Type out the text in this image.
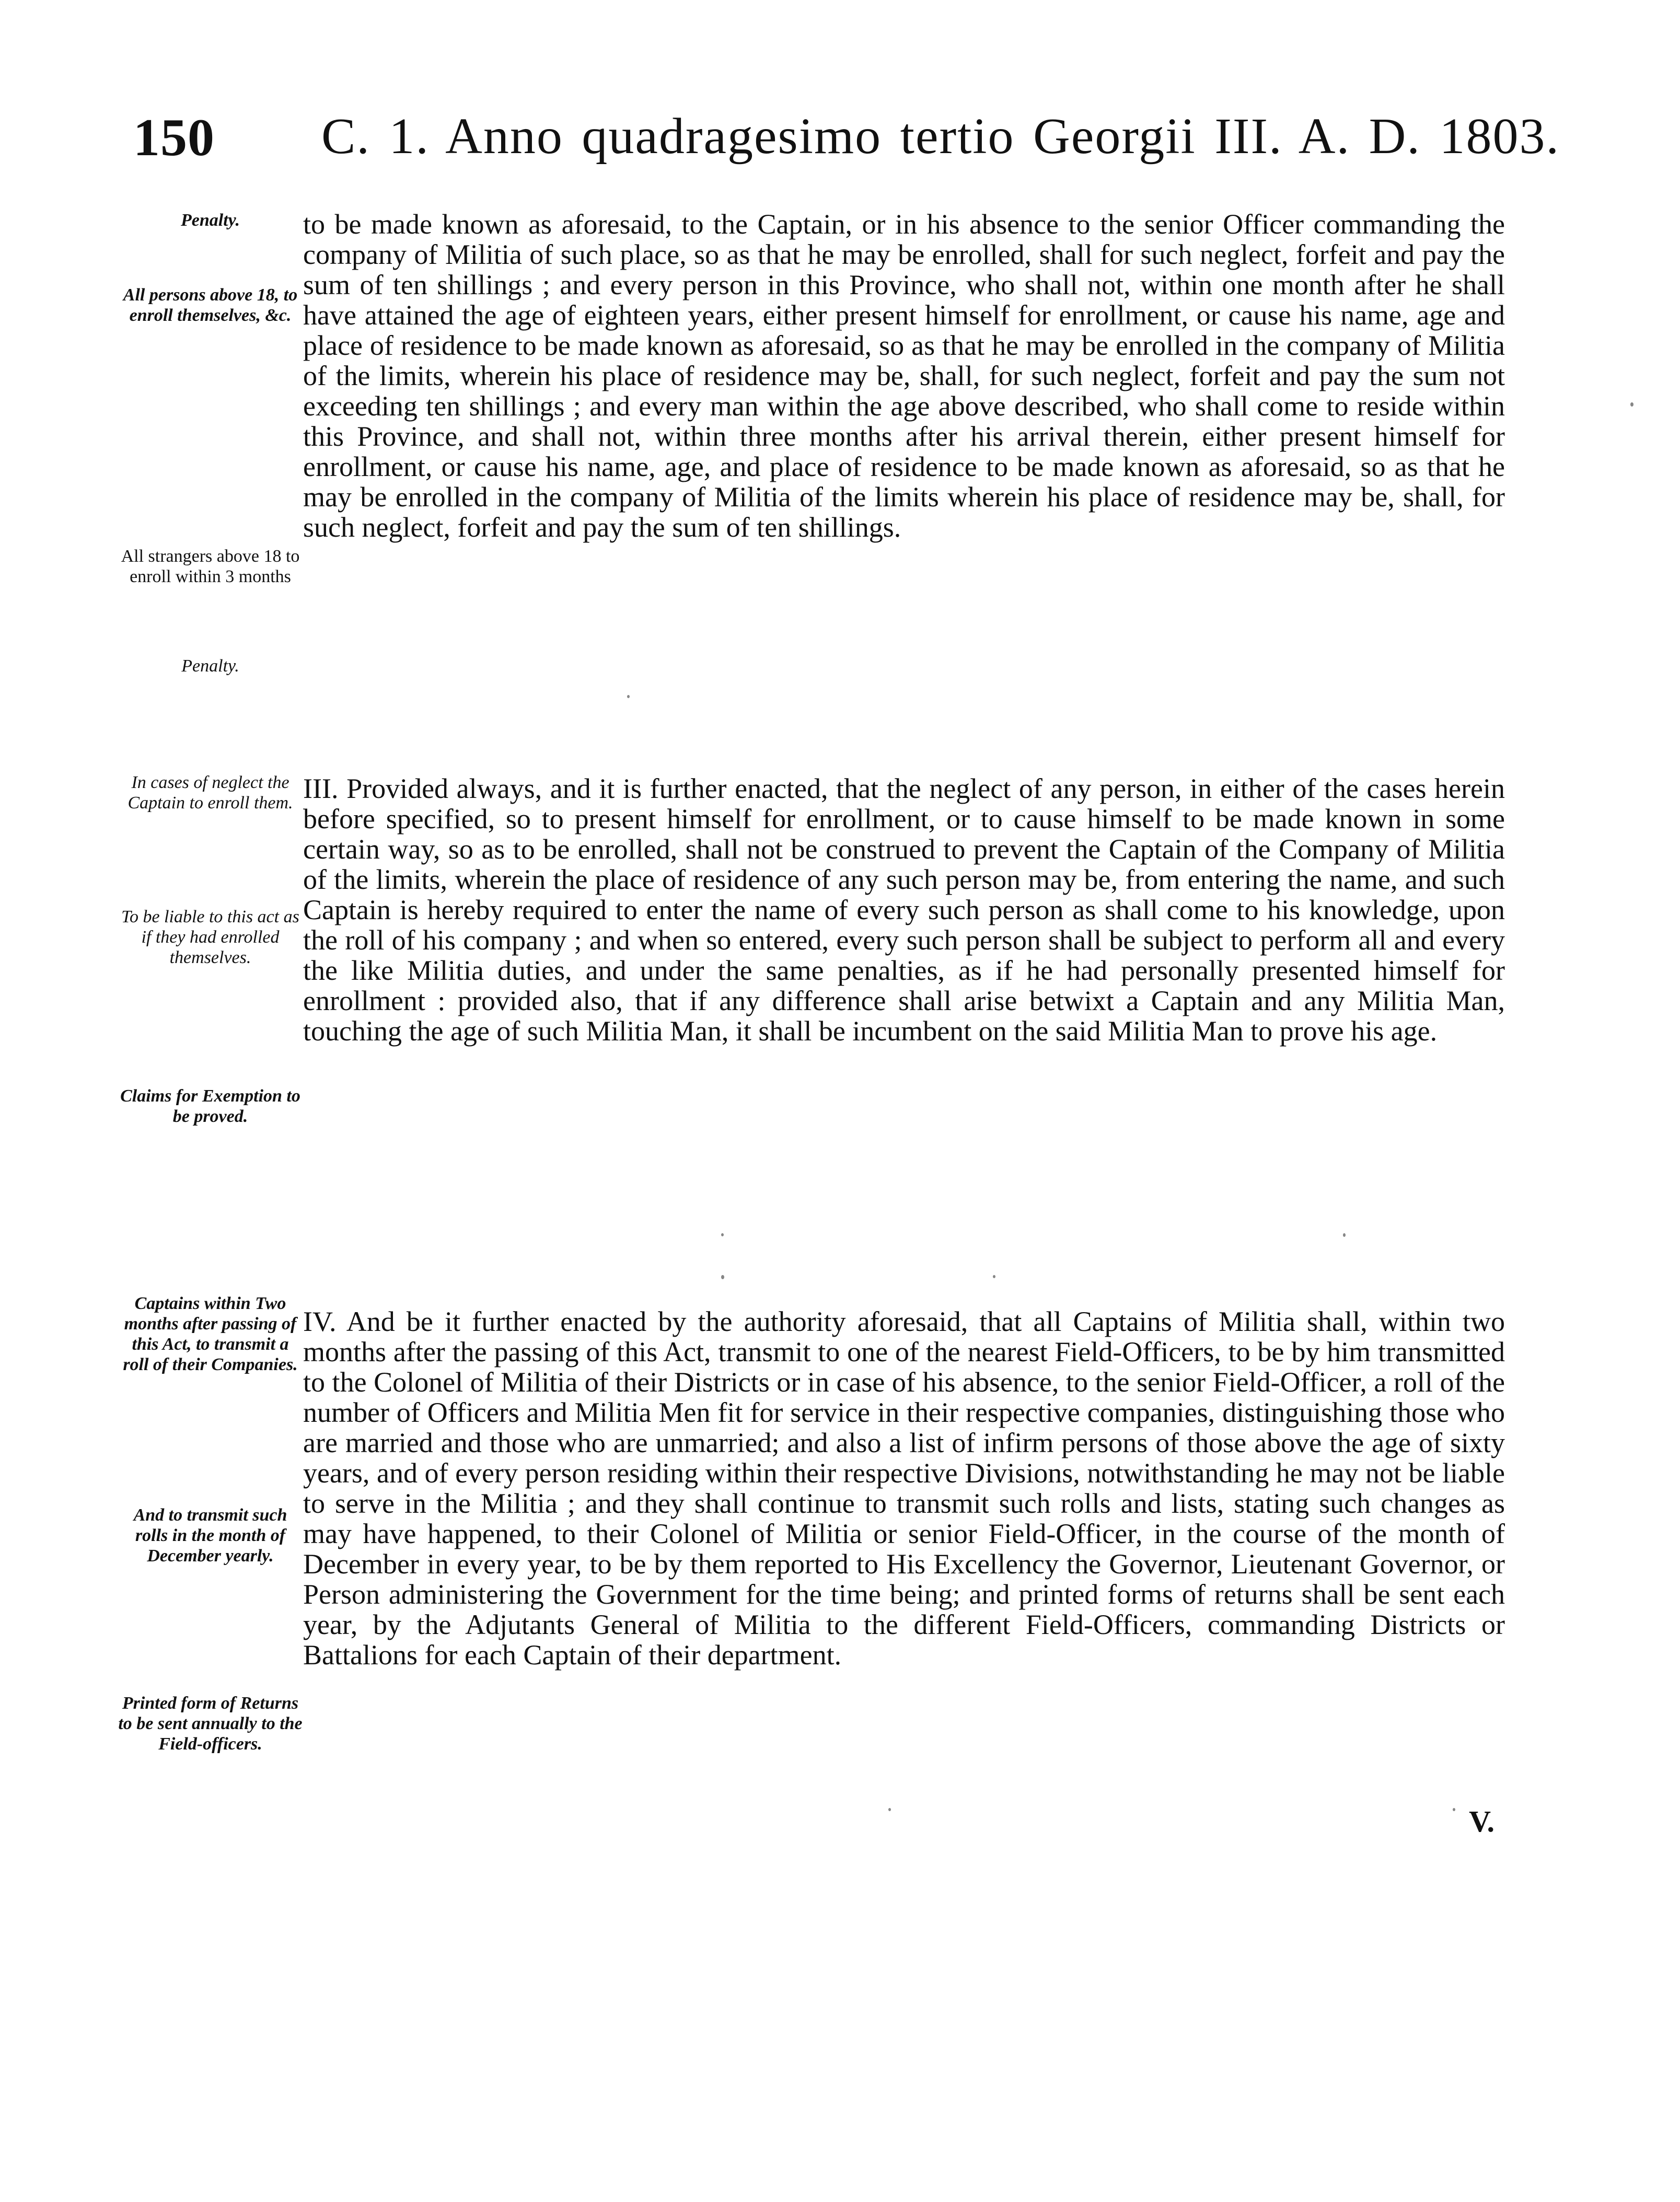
150 C. 1. Anno quadragesimo tertio Georgii III. A. D. 1803.
Penalty.
All persons above 18, to enroll themselves, &c.
All strangers above 18 to enroll within 3 months
Penalty.
In cases of neglect the Captain to enroll them.
To be liable to this act as if they had enrolled themselves.
Claims for Exemption to be proved.
Captains within Two months after passing of this Act, to transmit a roll of their Companies.
And to transmit such rolls in the month of December yearly.
Printed form of Returns to be sent annually to the Field-officers.

to be made known as aforesaid, to the Captain, or in his absence to the senior Officer commanding the company of Militia of such place, so as that he may be enrolled, shall for such neglect, forfeit and pay the sum of ten shillings ; and every person in this Province, who shall not, within one month after he shall have attained the age of eighteen years, either present himself for enrollment, or cause his name, age and place of residence to be made known as aforesaid, so as that he may be enrolled in the company of Militia of the limits, wherein his place of residence may be, shall, for such neglect, forfeit and pay the sum not exceeding ten shillings ; and every man within the age above described, who shall come to reside within this Province, and shall not, within three months after his arrival therein, either present himself for enrollment, or cause his name, age, and place of residence to be made known as aforesaid, so as that he may be enrolled in the company of Militia of the limits wherein his place of residence may be, shall, for such neglect, forfeit and pay the sum of ten shillings.

III. Provided always, and it is further enacted, that the neglect of any person, in either of the cases herein before specified, so to present himself for enrollment, or to cause himself to be made known in some certain way, so as to be enrolled, shall not be construed to prevent the Captain of the Company of Militia of the limits, wherein the place of residence of any such person may be, from entering the name, and such Captain is hereby required to enter the name of every such person as shall come to his knowledge, upon the roll of his company ; and when so entered, every such person shall be subject to perform all and every the like Militia duties, and under the same penalties, as if he had personally presented himself for enrollment : provided also, that if any difference shall arise betwixt a Captain and any Militia Man, touching the age of such Militia Man, it shall be incumbent on the said Militia Man to prove his age.

IV. And be it further enacted by the authority aforesaid, that all Captains of Militia shall, within two months after the passing of this Act, transmit to one of the nearest Field-Officers, to be by him transmitted to the Colonel of Militia of their Districts or in case of his absence, to the senior Field-Officer, a roll of the number of Officers and Militia Men fit for service in their respective companies, distinguishing those who are married and those who are unmarried; and also a list of infirm persons of those above the age of sixty years, and of every person residing within their respective Divisions, notwithstanding he may not be liable to serve in the Militia ; and they shall continue to transmit such rolls and lists, stating such changes as may have happened, to their Colonel of Militia or senior Field-Officer, in the course of the month of December in every year, to be by them reported to His Excellency the Governor, Lieutenant Governor, or Person administering the Government for the time being; and printed forms of returns shall be sent each year, by the Adjutants General of Militia to the different Field-Officers, commanding Districts or Battalions for each Captain of their department.

V.
